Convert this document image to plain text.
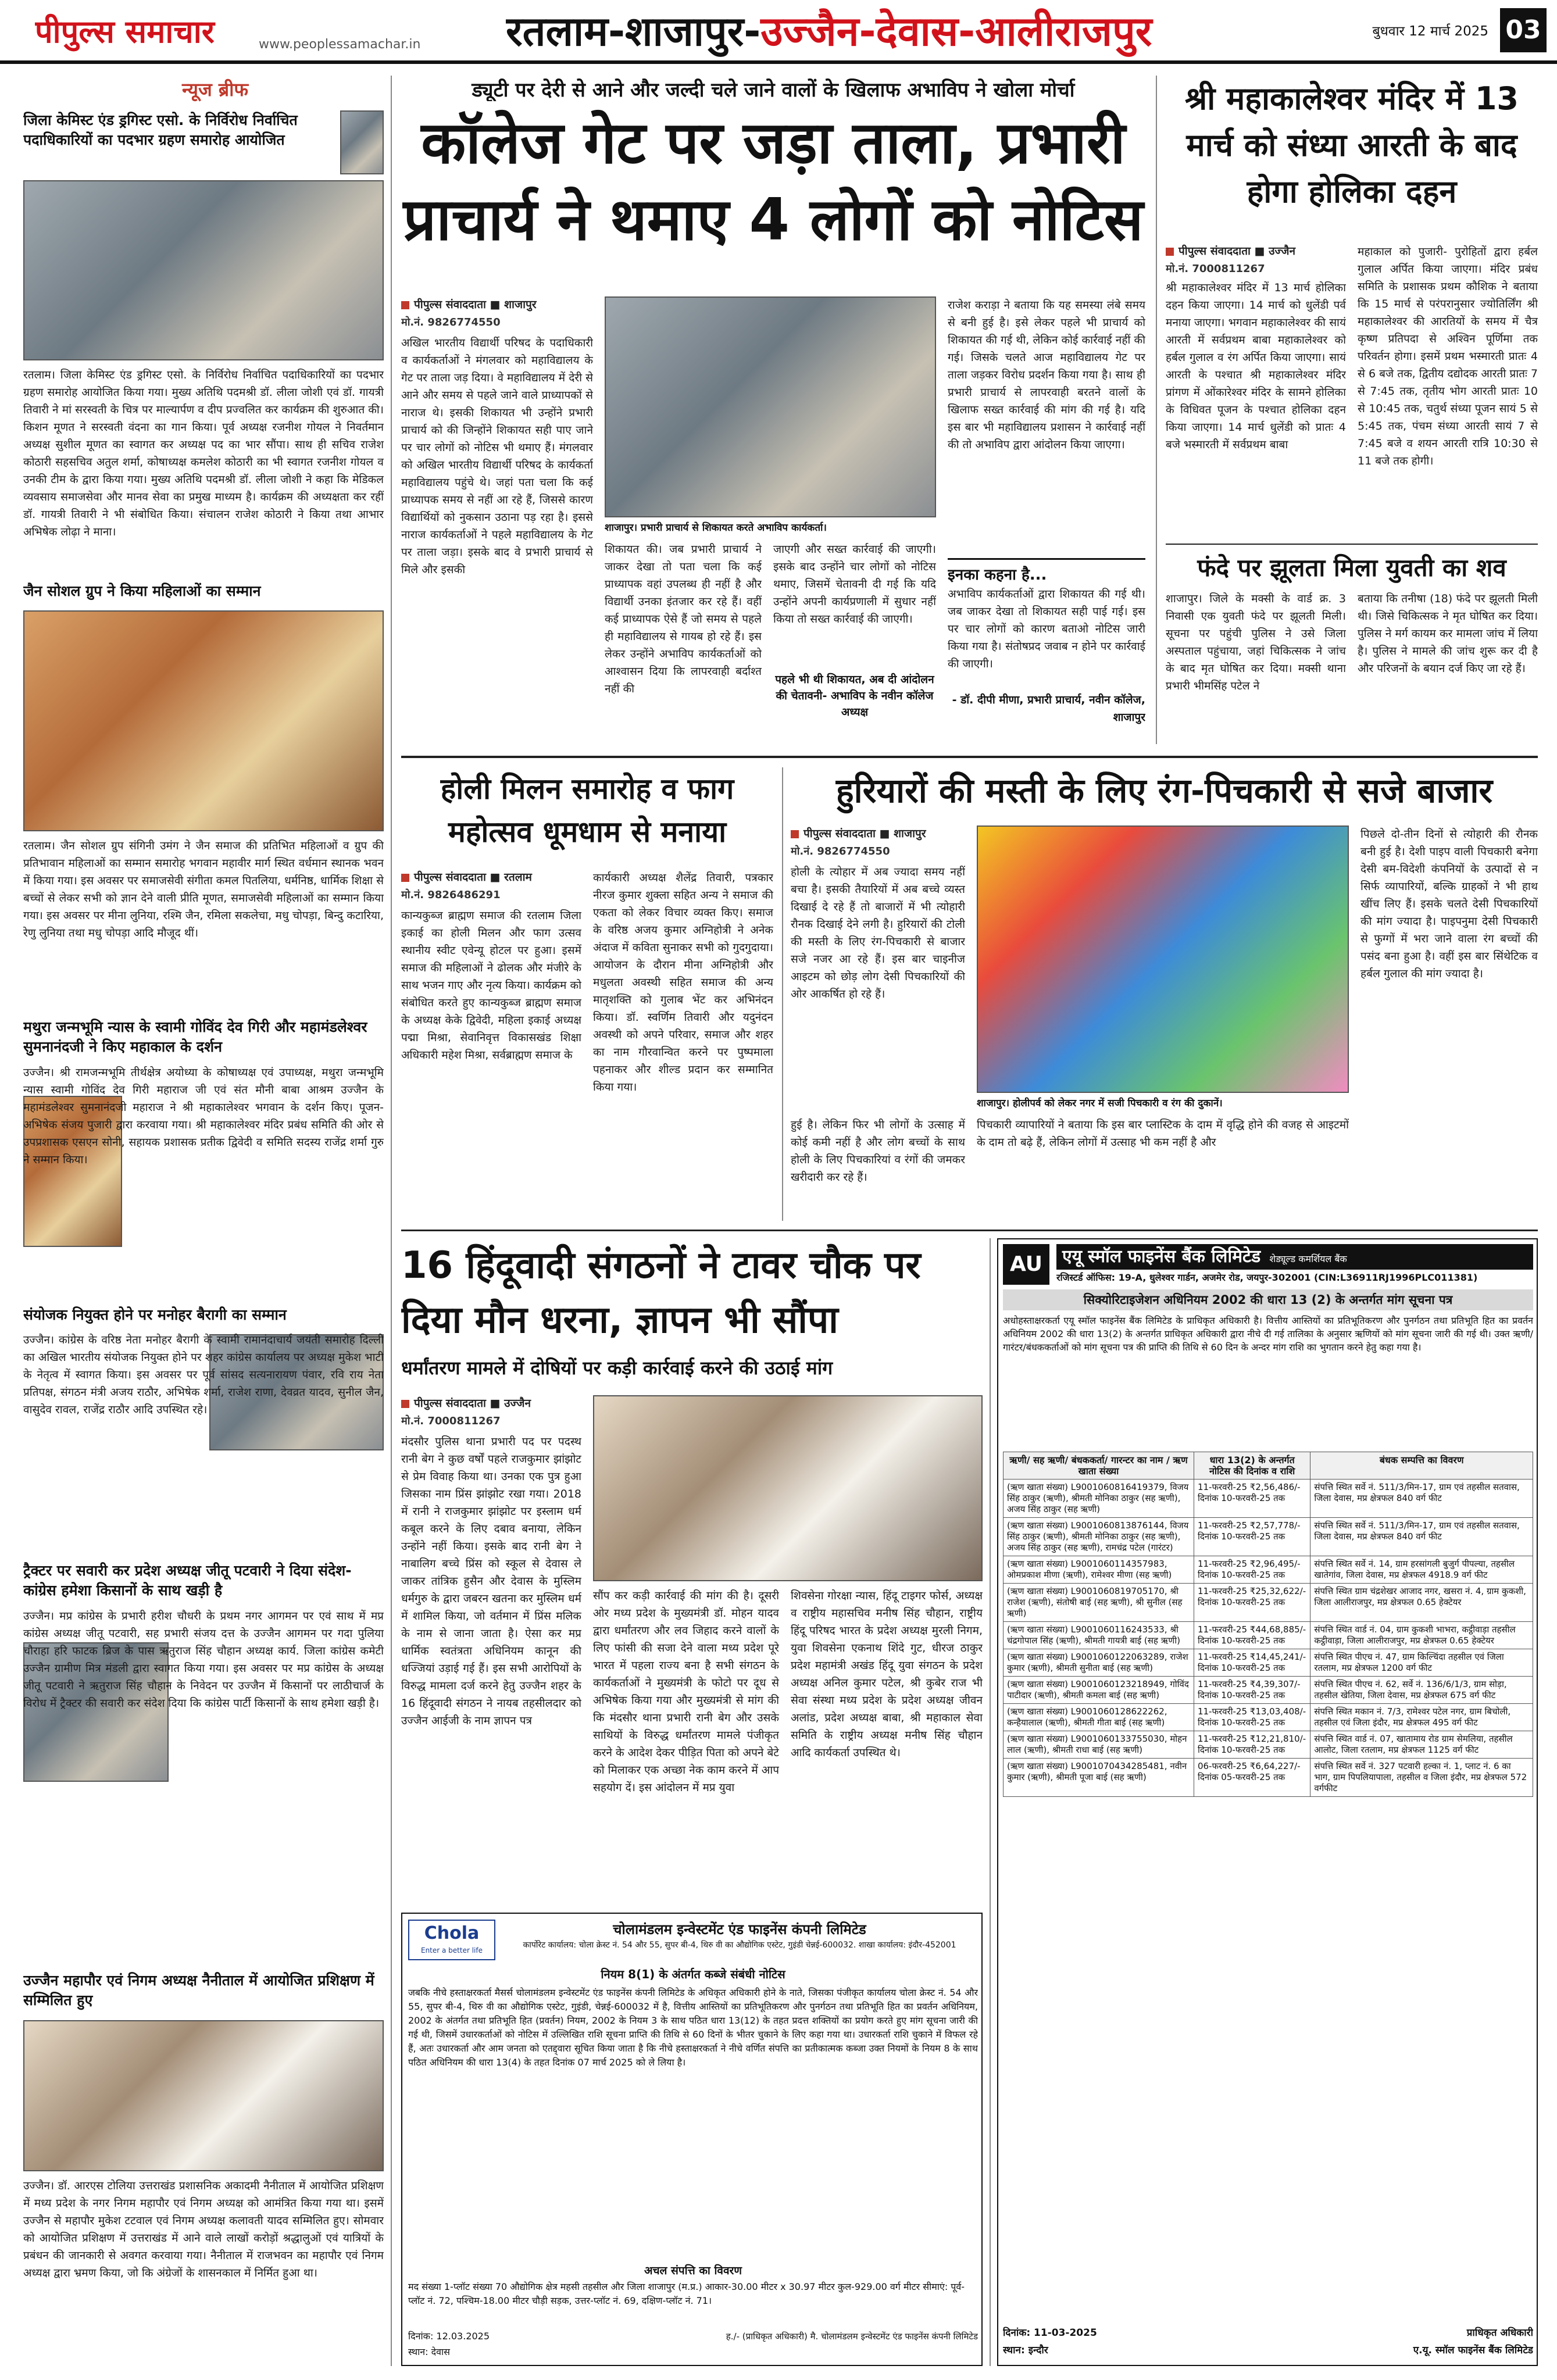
पीपुल्स समाचार	www.peoplessamachar.in	रतलाम-शाजापुर-उज्जैन-देवास-आलीराजपुर	बुधवार 12 मार्च 2025 03
न्यूज ब्रीफ
जिला केमिस्ट एंड ड्रगिस्ट एसो. के निर्विरोध निर्वाचित पदाधिकारियों का पदभार ग्रहण समारोह आयोजित
रतलाम। जिला केमिस्ट एंड ड्रगिस्ट एसो. के निर्विरोध निर्वाचित पदाधिकारियों का पदभार ग्रहण समारोह आयोजित किया गया। मुख्य अतिथि पदमश्री डॉ. लीला जोशी एवं डॉ. गायत्री तिवारी ने मां सरस्वती के चित्र पर माल्यार्पण व दीप प्रज्वलित कर कार्यक्रम की शुरुआत की। किशन मूणत ने सरस्वती वंदना का गान किया। पूर्व अध्यक्ष रजनीश गोयल ने निवर्तमान अध्यक्ष सुशील मूणत का स्वागत कर अध्यक्ष पद का भार सौंपा। साथ ही सचिव राजेश कोठारी सहसचिव अतुल शर्मा, कोषाध्यक्ष कमलेश कोठारी का भी स्वागत रजनीश गोयल व उनकी टीम के द्वारा किया गया। मुख्य अतिथि पदमश्री डॉ. लीला जोशी ने कहा कि मेडिकल व्यवसाय समाजसेवा और मानव सेवा का प्रमुख माध्यम है। कार्यक्रम की अध्यक्षता कर रहीं डॉ. गायत्री तिवारी ने भी संबोधित किया। संचालन राजेश कोठारी ने किया तथा आभार अभिषेक लोढ़ा ने माना।
जैन सोशल ग्रुप ने किया महिलाओं का सम्मान
रतलाम। जैन सोशल ग्रुप संगिनी उमंग ने जैन समाज की प्रतिभित महिलाओं व ग्रुप की प्रतिभावान महिलाओं का सम्मान समारोह भगवान महावीर मार्ग स्थित वर्धमान स्थानक भवन में किया गया। इस अवसर पर समाजसेवी संगीता कमल पितलिया, धर्मनिष्ठ, धार्मिक शिक्षा से बच्चों से लेकर सभी को ज्ञान देने वाली प्रीति मूणत, समाजसेवी महिलाओं का सम्मान किया गया। इस अवसर पर मीना लुनिया, रश्मि जैन, रमिला सकलेचा, मधु चोपड़ा, बिन्दु कटारिया, रेणु लुनिया तथा मधु चोपड़ा आदि मौजूद थीं।
मथुरा जन्मभूमि न्यास के स्वामी गोविंद देव गिरी और महामंडलेश्वर सुमनानंदजी ने किए महाकाल के दर्शन
उज्जैन। श्री रामजन्मभूमि तीर्थक्षेत्र अयोध्या के कोषाध्यक्ष एवं उपाध्यक्ष, मथुरा जन्मभूमि न्यास स्वामी गोविंद देव गिरी महाराज जी एवं संत मौनी बाबा आश्रम उज्जैन के महामंडलेश्वर सुमनानंदजी महाराज ने श्री महाकालेश्वर भगवान के दर्शन किए। पूजन-अभिषेक संजय पुजारी द्वारा करवाया गया। श्री महाकालेश्वर मंदिर प्रबंध समिति की ओर से उपप्रशासक एसएन सोनी, सहायक प्रशासक प्रतीक द्विवेदी व समिति सदस्य राजेंद्र शर्मा गुरु ने सम्मान किया।
संयोजक नियुक्त होने पर मनोहर बैरागी का सम्मान
उज्जैन। कांग्रेस के वरिष्ठ नेता मनोहर बैरागी के स्वामी रामानंदाचार्य जयंती समारोह दिल्ली का अखिल भारतीय संयोजक नियुक्त होने पर शहर कांग्रेस कार्यालय पर अध्यक्ष मुकेश भाटी के नेतृत्व में स्वागत किया। इस अवसर पर पूर्व सांसद सत्यनारायण पंवार, रवि राय नेता प्रतिपक्ष, संगठन मंत्री अजय राठौर, अभिषेक शर्मा, राजेश राणा, देवव्रत यादव, सुनील जैन, वासुदेव रावल, राजेंद्र राठौर आदि उपस्थित रहे।
ट्रैक्टर पर सवारी कर प्रदेश अध्यक्ष जीतू पटवारी ने दिया संदेश- कांग्रेस हमेशा किसानों के साथ खड़ी है
उज्जैन। मप्र कांग्रेस के प्रभारी हरीश चौधरी के प्रथम नगर आगमन पर एवं साथ में मप्र कांग्रेस अध्यक्ष जीतू पटवारी, सह प्रभारी संजय दत्त के उज्जैन आगमन पर गदा पुलिया चौराहा हरि फाटक ब्रिज के पास ऋतुराज सिंह चौहान अध्यक्ष कार्य. जिला कांग्रेस कमेटी उज्जैन ग्रामीण मित्र मंडली द्वारा स्वागत किया गया। इस अवसर पर मप्र कांग्रेस के अध्यक्ष जीतू पटवारी ने ऋतुराज सिंह चौहान के निवेदन पर उज्जैन में किसानों पर लाठीचार्ज के विरोध में ट्रैक्टर की सवारी कर संदेश दिया कि कांग्रेस पार्टी किसानों के साथ हमेशा खड़ी है।
उज्जैन महापौर एवं निगम अध्यक्ष नैनीताल में आयोजित प्रशिक्षण में सम्मिलित हुए
उज्जैन। डॉ. आरएस टोलिया उत्तराखंड प्रशासनिक अकादमी नैनीताल में आयोजित प्रशिक्षण में मध्य प्रदेश के नगर निगम महापौर एवं निगम अध्यक्ष को आमंत्रित किया गया था। इसमें उज्जैन से महापौर मुकेश टटवाल एवं निगम अध्यक्ष कलावती यादव सम्मिलित हुए। सोमवार को आयोजित प्रशिक्षण में उत्तराखंड में आने वाले लाखों करोड़ों श्रद्धालुओं एवं यात्रियों के प्रबंधन की जानकारी से अवगत करवाया गया। नैनीताल में राजभवन का महापौर एवं निगम अध्यक्ष द्वारा भ्रमण किया, जो कि अंग्रेजों के शासनकाल में निर्मित हुआ था।
ड्यूटी पर देरी से आने और जल्दी चले जाने वालों के खिलाफ अभाविप ने खोला मोर्चा
कॉलेज गेट पर जड़ा ताला, प्रभारी प्राचार्य ने थमाए 4 लोगों को नोटिस
पीपुल्स संवाददाता ■ शाजापुर
मो.नं. 9826774550
अखिल भारतीय विद्यार्थी परिषद के पदाधिकारी व कार्यकर्ताओं ने मंगलवार को महाविद्यालय के गेट पर ताला जड़ दिया। वे महाविद्यालय में देरी से आने और समय से पहले जाने वाले प्राध्यापकों से नाराज थे। इसकी शिकायत भी उन्होंने प्रभारी प्राचार्य को की जिन्होंने शिकायत सही पाए जाने पर चार लोगों को नोटिस भी थमाए हैं। मंगलवार को अखिल भारतीय विद्यार्थी परिषद के कार्यकर्ता महाविद्यालय पहुंचे थे। जहां पता चला कि कई प्राध्यापक समय से नहीं आ रहे हैं, जिससे कारण विद्यार्थियों को नुकसान उठाना पड़ रहा है। इससे नाराज कार्यकर्ताओं ने पहले महाविद्यालय के गेट पर ताला जड़ा। इसके बाद वे प्रभारी प्राचार्य से मिले और इसकी
शाजापुर। प्रभारी प्राचार्य से शिकायत करते अभाविप कार्यकर्ता।
शिकायत की। जब प्रभारी प्राचार्य ने जाकर देखा तो पता चला कि कई प्राध्यापक वहां उपलब्ध ही नहीं है और विद्यार्थी उनका इंतजार कर रहे हैं। वहीं कई प्राध्यापक ऐसे हैं जो समय से पहले ही महाविद्यालय से गायब हो रहे हैं। इस लेकर उन्होंने अभाविप कार्यकर्ताओं को आश्वासन दिया कि लापरवाही बर्दाश्त नहीं की
जाएगी और सख्त कार्रवाई की जाएगी। इसके बाद उन्होंने चार लोगों को नोटिस थमाए, जिसमें चेतावनी दी गई कि यदि उन्होंने अपनी कार्यप्रणाली में सुधार नहीं किया तो सख्त कार्रवाई की जाएगी।
पहले भी थी शिकायत, अब दी आंदोलन की चेतावनी- अभाविप के नवीन कॉलेज अध्यक्ष
राजेश कराड़ा ने बताया कि यह समस्या लंबे समय से बनी हुई है। इसे लेकर पहले भी प्राचार्य को शिकायत की गई थी, लेकिन कोई कार्रवाई नहीं की गई। जिसके चलते आज महाविद्यालय गेट पर ताला जड़कर विरोध प्रदर्शन किया गया है। साथ ही प्रभारी प्राचार्य से लापरवाही बरतने वालों के खिलाफ सख्त कार्रवाई की मांग की गई है। यदि इस बार भी महाविद्यालय प्रशासन ने कार्रवाई नहीं की तो अभाविप द्वारा आंदोलन किया जाएगा।
इनका कहना है...
अभाविप कार्यकर्ताओं द्वारा शिकायत की गई थी। जब जाकर देखा तो शिकायत सही पाई गई। इस पर चार लोगों को कारण बताओ नोटिस जारी किया गया है। संतोषप्रद जवाब न होने पर कार्रवाई की जाएगी।
- डॉ. दीपी मीणा, प्रभारी प्राचार्य, नवीन कॉलेज, शाजापुर
श्री महाकालेश्वर मंदिर में 13 मार्च को संध्या आरती के बाद होगा होलिका दहन
पीपुल्स संवाददाता ■ उज्जैन
मो.नं. 7000811267
श्री महाकालेश्वर मंदिर में 13 मार्च होलिका दहन किया जाएगा। 14 मार्च को धुलेंडी पर्व मनाया जाएगा। भगवान महाकालेश्वर की सायं आरती में सर्वप्रथम बाबा महाकालेश्वर को हर्बल गुलाल व रंग अर्पित किया जाएगा। सायं आरती के पश्चात श्री महाकालेश्वर मंदिर प्रांगण में ओंकारेश्वर मंदिर के सामने होलिका के विधिवत पूजन के पश्चात होलिका दहन किया जाएगा। 14 मार्च धुलेंडी को प्रातः 4 बजे भस्मारती में सर्वप्रथम बाबा
महाकाल को पुजारी- पुरोहितों द्वारा हर्बल गुलाल अर्पित किया जाएगा। मंदिर प्रबंध समिति के प्रशासक प्रथम कौशिक ने बताया कि 15 मार्च से परंपरानुसार ज्योतिर्लिंग श्री महाकालेश्वर की आरतियों के समय में चैत्र कृष्ण प्रतिपदा से अश्विन पूर्णिमा तक परिवर्तन होगा। इसमें प्रथम भस्मारती प्रातः 4 से 6 बजे तक, द्वितीय दद्योदक आरती प्रातः 7 से 7:45 तक, तृतीय भोग आरती प्रातः 10 से 10:45 तक, चतुर्थ संध्या पूजन सायं 5 से 5:45 तक, पंचम संध्या आरती सायं 7 से 7:45 बजे व शयन आरती रात्रि 10:30 से 11 बजे तक होगी।
फंदे पर झूलता मिला युवती का शव
शाजापुर। जिले के मक्सी के वार्ड क्र. 3 निवासी एक युवती फंदे पर झूलती मिली। सूचना पर पहुंची पुलिस ने उसे जिला अस्पताल पहुंचाया, जहां चिकित्सक ने जांच के बाद मृत घोषित कर दिया। मक्सी थाना प्रभारी भीमसिंह पटेल ने
बताया कि तनीषा (18) फंदे पर झूलती मिली थी। जिसे चिकित्सक ने मृत घोषित कर दिया। पुलिस ने मर्ग कायम कर मामला जांच में लिया है। पुलिस ने मामले की जांच शुरू कर दी है और परिजनों के बयान दर्ज किए जा रहे हैं।
होली मिलन समारोह व फाग महोत्सव धूमधाम से मनाया
पीपुल्स संवाददाता ■ रतलाम
मो.नं. 9826486291
कान्यकुब्ज ब्राह्मण समाज की रतलाम जिला इकाई का होली मिलन और फाग उत्सव स्थानीय स्वीट एवेन्यू होटल पर हुआ। इसमें समाज की महिलाओं ने ढोलक और मंजीरे के साथ भजन गाए और नृत्य किया। कार्यक्रम को संबोधित करते हुए कान्यकुब्ज ब्राह्मण समाज के अध्यक्ष केके द्विवेदी, महिला इकाई अध्यक्ष पद्मा मिश्रा, सेवानिवृत्त विकासखंड शिक्षा अधिकारी महेश मिश्रा, सर्वब्राह्मण समाज के
कार्यकारी अध्यक्ष शैलेंद्र तिवारी, पत्रकार नीरज कुमार शुक्ला सहित अन्य ने समाज की एकता को लेकर विचार व्यक्त किए। समाज के वरिष्ठ अजय कुमार अग्निहोत्री ने अनेक अंदाज में कविता सुनाकर सभी को गुदगुदाया। आयोजन के दौरान मीना अग्निहोत्री और मधुलता अवस्थी सहित समाज की अन्य मातृशक्ति को गुलाब भेंट कर अभिनंदन किया। डॉ. स्वर्णिम तिवारी और यदुनंदन अवस्थी को अपने परिवार, समाज और शहर का नाम गौरवान्वित करने पर पुष्पमाला पहनाकर और शील्ड प्रदान कर सम्मानित किया गया।
हुरियारों की मस्ती के लिए रंग-पिचकारी से सजे बाजार
पीपुल्स संवाददाता ■ शाजापुर
मो.नं. 9826774550
होली के त्योहार में अब ज्यादा समय नहीं बचा है। इसकी तैयारियों में अब बच्चे व्यस्त दिखाई दे रहे हैं तो बाजारों में भी त्योहारी रौनक दिखाई देने लगी है। हुरियारों की टोली की मस्ती के लिए रंग-पिचकारी से बाजार सजे नजर आ रहे हैं। इस बार चाइनीज आइटम को छोड़ लोग देसी पिचकारियों की ओर आकर्षित हो रहे हैं।
शाजापुर। होलीपर्व को लेकर नगर में सजी पिचकारी व रंग की दुकानें।
हुई है। लेकिन फिर भी लोगों के उत्साह में कोई कमी नहीं है और लोग बच्चों के साथ होली के लिए पिचकारियां व रंगों की जमकर खरीदारी कर रहे हैं।
पिचकारी व्यापारियों ने बताया कि इस बार प्लास्टिक के दाम में वृद्धि होने की वजह से आइटमों के दाम तो बढ़े हैं, लेकिन लोगों में उत्साह भी कम नहीं है और
पिछले दो-तीन दिनों से त्योहारी की रौनक बनी हुई है। देशी पाइप वाली पिचकारी बनेगा देसी बम-विदेशी कंपनियों के उत्पादों से न सिर्फ व्यापारियों, बल्कि ग्राहकों ने भी हाथ खींच लिए हैं। इसके चलते देसी पिचकारियों की मांग ज्यादा है। पाइपनुमा देसी पिचकारी से फुग्गों में भरा जाने वाला रंग बच्चों की पसंद बना हुआ है। वहीं इस बार सिंथेटिक व हर्बल गुलाल की मांग ज्यादा है।
16 हिंदूवादी संगठनों ने टावर चौक पर दिया मौन धरना, ज्ञापन भी सौंपा
धर्मांतरण मामले में दोषियों पर कड़ी कार्रवाई करने की उठाई मांग
पीपुल्स संवाददाता ■ उज्जैन
मो.नं. 7000811267
मंदसौर पुलिस थाना प्रभारी पद पर पदस्थ रानी बेग ने कुछ वर्षों पहले राजकुमार झांझोट से प्रेम विवाह किया था। उनका एक पुत्र हुआ जिसका नाम प्रिंस झांझोट रखा गया। 2018 में रानी ने राजकुमार झांझोट पर इस्लाम धर्म कबूल करने के लिए दबाव बनाया, लेकिन उन्होंने नहीं किया। इसके बाद रानी बेग ने नाबालिग बच्चे प्रिंस को स्कूल से देवास ले जाकर तांत्रिक हुसैन और देवास के मुस्लिम धर्मगुरु के द्वारा जबरन खतना कर मुस्लिम धर्म में शामिल किया, जो वर्तमान में प्रिंस मलिक के नाम से जाना जाता है। ऐसा कर मप्र धार्मिक स्वतंत्रता अधिनियम कानून की धज्जियां उड़ाई गई हैं। इस सभी आरोपियों के विरुद्ध मामला दर्ज करने हेतु उज्जैन शहर के 16 हिंदूवादी संगठन ने नायब तहसीलदार को उज्जैन आईजी के नाम ज्ञापन पत्र
सौंप कर कड़ी कार्रवाई की मांग की है। दूसरी ओर मध्य प्रदेश के मुख्यमंत्री डॉ. मोहन यादव द्वारा धर्मांतरण और लव जिहाद करने वालों के लिए फांसी की सजा देने वाला मध्य प्रदेश पूरे भारत में पहला राज्य बना है सभी संगठन के कार्यकर्ताओं ने मुख्यमंत्री के फोटो पर दूध से अभिषेक किया गया और मुख्यमंत्री से मांग की कि मंदसौर थाना प्रभारी रानी बेग और उसके साथियों के विरुद्ध धर्मांतरण मामले पंजीकृत करने के आदेश देकर पीड़ित पिता को अपने बेटे को मिलाकर एक अच्छा नेक काम करने में आप सहयोग दें। इस आंदोलन में मप्र युवा
शिवसेना गोरक्षा न्यास, हिंदू टाइगर फोर्स, अध्यक्ष व राष्ट्रीय महासचिव मनीष सिंह चौहान, राष्ट्रीय हिंदू परिषद भारत के प्रदेश अध्यक्ष मुरली निगम, युवा शिवसेना एकनाथ शिंदे गुट, धीरज ठाकुर प्रदेश महामंत्री अखंड हिंदू युवा संगठन के प्रदेश अध्यक्ष अनिल कुमार पटेल, श्री कुबेर राज भी सेवा संस्था मध्य प्रदेश के प्रदेश अध्यक्ष जीवन अलांड, प्रदेश अध्यक्ष बाबा, श्री महाकाल सेवा समिति के राष्ट्रीय अध्यक्ष मनीष सिंह चौहान आदि कार्यकर्ता उपस्थित थे।
Chola
Enter a better life
चोलामंडलम इन्वेस्टमेंट एंड फाइनेंस कंपनी लिमिटेड
कार्पोरेट कार्यालय: चोला क्रेस्ट नं. 54 और 55, सुपर बी-4, थिरु वी का औद्योगिक एस्टेट, गुइंडी चेन्नई-600032. शाखा कार्यालय: इंदौर-452001
नियम 8(1) के अंतर्गत कब्जे संबंधी नोटिस
जबकि नीचे हस्ताक्षरकर्ता मैसर्स चोलामंडलम इन्वेस्टमेंट एंड फाइनेंस कंपनी लिमिटेड के अधिकृत अधिकारी होने के नाते, जिसका पंजीकृत कार्यालय चोला क्रेस्ट नं. 54 और 55, सुपर बी-4, थिरु वी का औद्योगिक एस्टेट, गुइंडी, चेन्नई-600032 में है, वित्तीय आस्तियों का प्रतिभूतिकरण और पुनर्गठन तथा प्रतिभूति हित का प्रवर्तन अधिनियम, 2002 के अंतर्गत तथा प्रतिभूति हित (प्रवर्तन) नियम, 2002 के नियम 3 के साथ पठित धारा 13(12) के तहत प्रदत्त शक्तियों का प्रयोग करते हुए मांग सूचना जारी की गई थी, जिसमें उधारकर्ताओं को नोटिस में उल्लिखित राशि सूचना प्राप्ति की तिथि से 60 दिनों के भीतर चुकाने के लिए कहा गया था। उधारकर्ता राशि चुकाने में विफल रहे हैं, अतः उधारकर्ता और आम जनता को एतद्द्वारा सूचित किया जाता है कि नीचे हस्ताक्षरकर्ता ने नीचे वर्णित संपत्ति का प्रतीकात्मक कब्जा उक्त नियमों के नियम 8 के साथ पठित अधिनियम की धारा 13(4) के तहत दिनांक 07 मार्च 2025 को ले लिया है।
अचल संपत्ति का विवरण
मद संख्या 1-प्लॉट संख्या 70 औद्योगिक क्षेत्र महसी तहसील और जिला शाजापुर (म.प्र.) आकार-30.00 मीटर x 30.97 मीटर कुल-929.00 वर्ग मीटर सीमाएं: पूर्व-प्लॉट नं. 72, पश्चिम-18.00 मीटर चौड़ी सड़क, उत्तर-प्लॉट नं. 69, दक्षिण-प्लॉट नं. 71।
दिनांक: 12.03.2025
स्थान: देवास
ह./- (प्राधिकृत अधिकारी) मै. चोलामंडलम इन्वेस्टमेंट एंड फाइनेंस कंपनी लिमिटेड
AU	एयू स्मॉल फाइनेंस बैंक लिमिटेड शेड्यूल्ड कमर्शियल बैंक
रजिस्टर्ड ऑफिस: 19-A, धुलेश्वर गार्डन, अजमेर रोड, जयपुर-302001 (CIN:L36911RJ1996PLC011381)
सिक्योरिटाइजेशन अधिनियम 2002 की धारा 13 (2) के अन्तर्गत मांग सूचना पत्र
अधोहस्ताक्षरकर्ता एयू स्मॉल फाइनेंस बैंक लिमिटेड के प्राधिकृत अधिकारी है। वित्तीय आस्तियों का प्रतिभूतिकरण और पुनर्गठन तथा प्रतिभूति हित का प्रवर्तन अधिनियम 2002 की धारा 13(2) के अन्तर्गत प्राधिकृत अधिकारी द्वारा नीचे दी गई तालिका के अनुसार ऋणियों को मांग सूचना जारी की गई थी। उक्त ऋणी/गारंटर/बंधककर्ताओं को मांग सूचना पत्र की प्राप्ति की तिथि से 60 दिन के अन्दर मांग राशि का भुगतान करने हेतु कहा गया है।
ऋणी/ सह ऋणी/ बंधककर्ता/ गारन्टर का नाम / ऋण खाता संख्या	धारा 13(2) के अन्तर्गत नोटिस की दिनांक व राशि	बंधक सम्पत्ति का विवरण
(ऋण खाता संख्या) L9001060816419379, विजय सिंह ठाकुर (ऋणी), श्रीमती मोनिका ठाकुर (सह ऋणी), अजय सिंह ठाकुर (सह ऋणी)	11-फरवरी-25 ₹2,56,486/- दिनांक 10-फरवरी-25 तक	संपत्ति स्थित सर्वे नं. 511/3/मिन-17, ग्राम एवं तहसील सतवास, जिला देवास, मप्र क्षेत्रफल 840 वर्ग फीट
(ऋण खाता संख्या) L9001060813876144, विजय सिंह ठाकुर (ऋणी), श्रीमती मोनिका ठाकुर (सह ऋणी), अजय सिंह ठाकुर (सह ऋणी), रामचंद्र पटेल (गारंटर)	11-फरवरी-25 ₹2,57,778/- दिनांक 10-फरवरी-25 तक	संपत्ति स्थित सर्वे नं. 511/3/मिन-17, ग्राम एवं तहसील सतवास, जिला देवास, मप्र क्षेत्रफल 840 वर्ग फीट
(ऋण खाता संख्या) L9001060114357983, ओमप्रकाश मीणा (ऋणी), रामेश्वर मीणा (सह ऋणी)	11-फरवरी-25 ₹2,96,495/- दिनांक 10-फरवरी-25 तक	संपत्ति स्थित सर्वे नं. 14, ग्राम हरसांगली बुजुर्ग पीपल्या, तहसील खातेगांव, जिला देवास, मप्र क्षेत्रफल 4918.9 वर्ग फीट
(ऋण खाता संख्या) L9001060819705170, श्री राजेश (ऋणी), संतोषी बाई (सह ऋणी), श्री सुनील (सह ऋणी)	11-फरवरी-25 ₹25,32,622/- दिनांक 10-फरवरी-25 तक	संपत्ति स्थित ग्राम चंद्रशेखर आजाद नगर, खसरा नं. 4, ग्राम कुकशी, जिला आलीराजपुर, मप्र क्षेत्रफल 0.65 हेक्टेयर
(ऋण खाता संख्या) L9001060116243533, श्री चंद्रगोपाल सिंह (ऋणी), श्रीमती गायत्री बाई (सह ऋणी)	11-फरवरी-25 ₹44,68,885/- दिनांक 10-फरवरी-25 तक	संपत्ति स्थित वार्ड नं. 04, ग्राम कुकशी भाभरा, कट्ठीवाड़ा तहसील कट्ठीवाड़ा, जिला आलीराजपुर, मप्र क्षेत्रफल 0.65 हेक्टेयर
(ऋण खाता संख्या) L9001060122063289, राजेश कुमार (ऋणी), श्रीमती सुनीता बाई (सह ऋणी)	11-फरवरी-25 ₹14,45,241/- दिनांक 10-फरवरी-25 तक	संपत्ति स्थित पीएच नं. 47, ग्राम किल्चिंदा तहसील एवं जिला रतलाम, मप्र क्षेत्रफल 1200 वर्ग फीट
(ऋण खाता संख्या) L9001060123218949, गोविंद पाटीदार (ऋणी), श्रीमती कमला बाई (सह ऋणी)	11-फरवरी-25 ₹4,39,307/- दिनांक 10-फरवरी-25 तक	संपत्ति स्थित पीएच नं. 62, सर्वे नं. 136/6/1/3, ग्राम सोड़ा, तहसील खेतिया, जिला देवास, मप्र क्षेत्रफल 675 वर्ग फीट
(ऋण खाता संख्या) L9001060128622262, कन्हैयालाल (ऋणी), श्रीमती गीता बाई (सह ऋणी)	11-फरवरी-25 ₹13,03,408/- दिनांक 10-फरवरी-25 तक	संपत्ति स्थित मकान नं. 7/3, रामेश्वर पटेल नगर, ग्राम बिचोली, तहसील एवं जिला इंदौर, मप्र क्षेत्रफल 495 वर्ग फीट
(ऋण खाता संख्या) L9001060133755030, मोहन लाल (ऋणी), श्रीमती राधा बाई (सह ऋणी)	11-फरवरी-25 ₹12,21,810/- दिनांक 10-फरवरी-25 तक	संपत्ति स्थित वार्ड नं. 07, खातामाय रोड ग्राम सेमलिया, तहसील आलोट, जिला रतलाम, मप्र क्षेत्रफल 1125 वर्ग फीट
(ऋण खाता संख्या) L9001070434285481, नवीन कुमार (ऋणी), श्रीमती पूजा बाई (सह ऋणी)	06-फरवरी-25 ₹6,64,227/- दिनांक 05-फरवरी-25 तक	संपत्ति स्थित सर्वे नं. 327 पटवारी हल्का नं. 1, प्लाट नं. 6 का भाग, ग्राम पिपलियापाला, तहसील व जिला इंदौर, मप्र क्षेत्रफल 572 वर्गफीट
दिनांक: 11-03-2025
स्थान: इन्दौर
प्राधिकृत अधिकारी
ए.यू. स्मॉल फाइनेंस बैंक लिमिटेड
